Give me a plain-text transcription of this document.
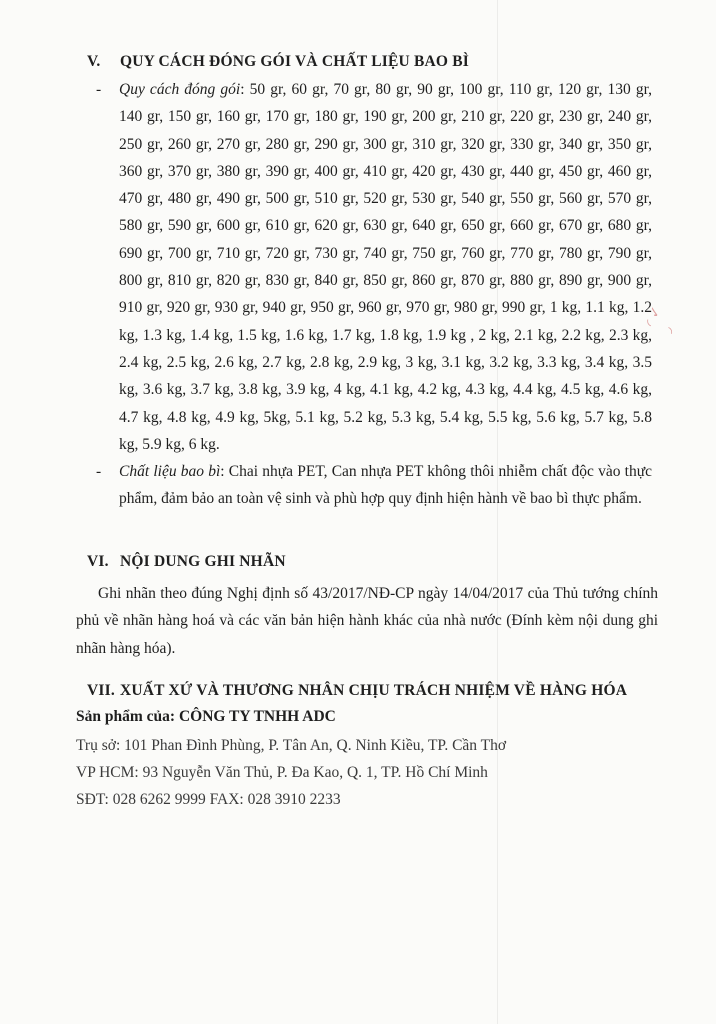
◜ ✓ ◞
V. QUY CÁCH ĐÓNG GÓI VÀ CHẤT LIỆU BAO BÌ
- Quy cách đóng gói: 50 gr, 60 gr, 70 gr, 80 gr, 90 gr, 100 gr, 110 gr, 120 gr, 130 gr, 140 gr, 150 gr, 160 gr, 170 gr, 180 gr, 190 gr, 200 gr, 210 gr, 220 gr, 230 gr, 240 gr, 250 gr, 260 gr, 270 gr, 280 gr, 290 gr, 300 gr, 310 gr, 320 gr, 330 gr, 340 gr, 350 gr, 360 gr, 370 gr, 380 gr, 390 gr, 400 gr, 410 gr, 420 gr, 430 gr, 440 gr, 450 gr, 460 gr, 470 gr, 480 gr, 490 gr, 500 gr, 510 gr, 520 gr, 530 gr, 540 gr, 550 gr, 560 gr, 570 gr, 580 gr, 590 gr, 600 gr, 610 gr, 620 gr, 630 gr, 640 gr, 650 gr, 660 gr, 670 gr, 680 gr, 690 gr, 700 gr, 710 gr, 720 gr, 730 gr, 740 gr, 750 gr, 760 gr, 770 gr, 780 gr, 790 gr, 800 gr, 810 gr, 820 gr, 830 gr, 840 gr, 850 gr, 860 gr, 870 gr, 880 gr, 890 gr, 900 gr, 910 gr, 920 gr, 930 gr, 940 gr, 950 gr, 960 gr, 970 gr, 980 gr, 990 gr, 1 kg, 1.1 kg, 1.2 kg, 1.3 kg, 1.4 kg, 1.5 kg, 1.6 kg, 1.7 kg, 1.8 kg, 1.9 kg , 2 kg, 2.1 kg, 2.2 kg, 2.3 kg, 2.4 kg, 2.5 kg, 2.6 kg, 2.7 kg, 2.8 kg, 2.9 kg, 3 kg, 3.1 kg, 3.2 kg, 3.3 kg, 3.4 kg, 3.5 kg, 3.6 kg, 3.7 kg, 3.8 kg, 3.9 kg, 4 kg, 4.1 kg, 4.2 kg, 4.3 kg, 4.4 kg, 4.5 kg, 4.6 kg, 4.7 kg, 4.8 kg, 4.9 kg, 5kg, 5.1 kg, 5.2 kg, 5.3 kg, 5.4 kg, 5.5 kg, 5.6 kg, 5.7 kg, 5.8 kg, 5.9 kg, 6 kg.
- Chất liệu bao bì: Chai nhựa PET, Can nhựa PET không thôi nhiễm chất độc vào thực phẩm, đảm bảo an toàn vệ sinh và phù hợp quy định hiện hành về bao bì thực phẩm.
VI. NỘI DUNG GHI NHÃN
Ghi nhãn theo đúng Nghị định số 43/2017/NĐ-CP ngày 14/04/2017 của Thủ tướng chính phủ về nhãn hàng hoá và các văn bản hiện hành khác của nhà nước (Đính kèm nội dung ghi nhãn hàng hóa).
VII. XUẤT XỨ VÀ THƯƠNG NHÂN CHỊU TRÁCH NHIỆM VỀ HÀNG HÓA
Sản phẩm của: CÔNG TY TNHH ADC
Trụ sở: 101 Phan Đình Phùng, P. Tân An, Q. Ninh Kiều, TP. Cần Thơ
VP HCM: 93 Nguyễn Văn Thủ, P. Đa Kao, Q. 1, TP. Hồ Chí Minh
SĐT: 028 6262 9999 FAX: 028 3910 2233
